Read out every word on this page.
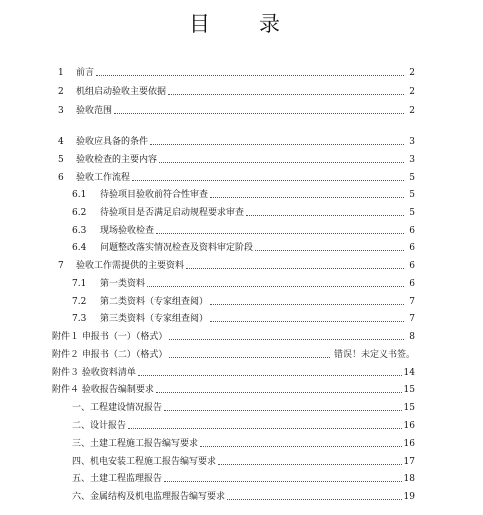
目　录
1	前言	2
2	机组启动验收主要依据	2
3	验收范围	2
4	验收应具备的条件	3
5	验收检查的主要内容	3
6	验收工作流程	5
6.1	待验项目验收前符合性审查	5
6.2	待验项目是否满足启动规程要求审查	5
6.3	现场验收检查	6
6.4	问题整改落实情况检查及资料审定阶段	6
7	验收工作需提供的主要资料	6
7.1	第一类资料	6
7.2	第二类资料（专家组查阅）	7
7.3	第三类资料（专家组查阅）	7
附件１ 申报书（一）（格式）	8
附件２ 申报书（二）（格式）	错误！未定义书签。
附件３ 验收资料清单	14
附件４ 验收报告编制要求	15
一、工程建设情况报告	15
二、设计报告	16
三、土建工程施工报告编写要求	16
四、机电安装工程施工报告编写要求	17
五、土建工程监理报告	18
六、金属结构及机电监理报告编写要求	19
